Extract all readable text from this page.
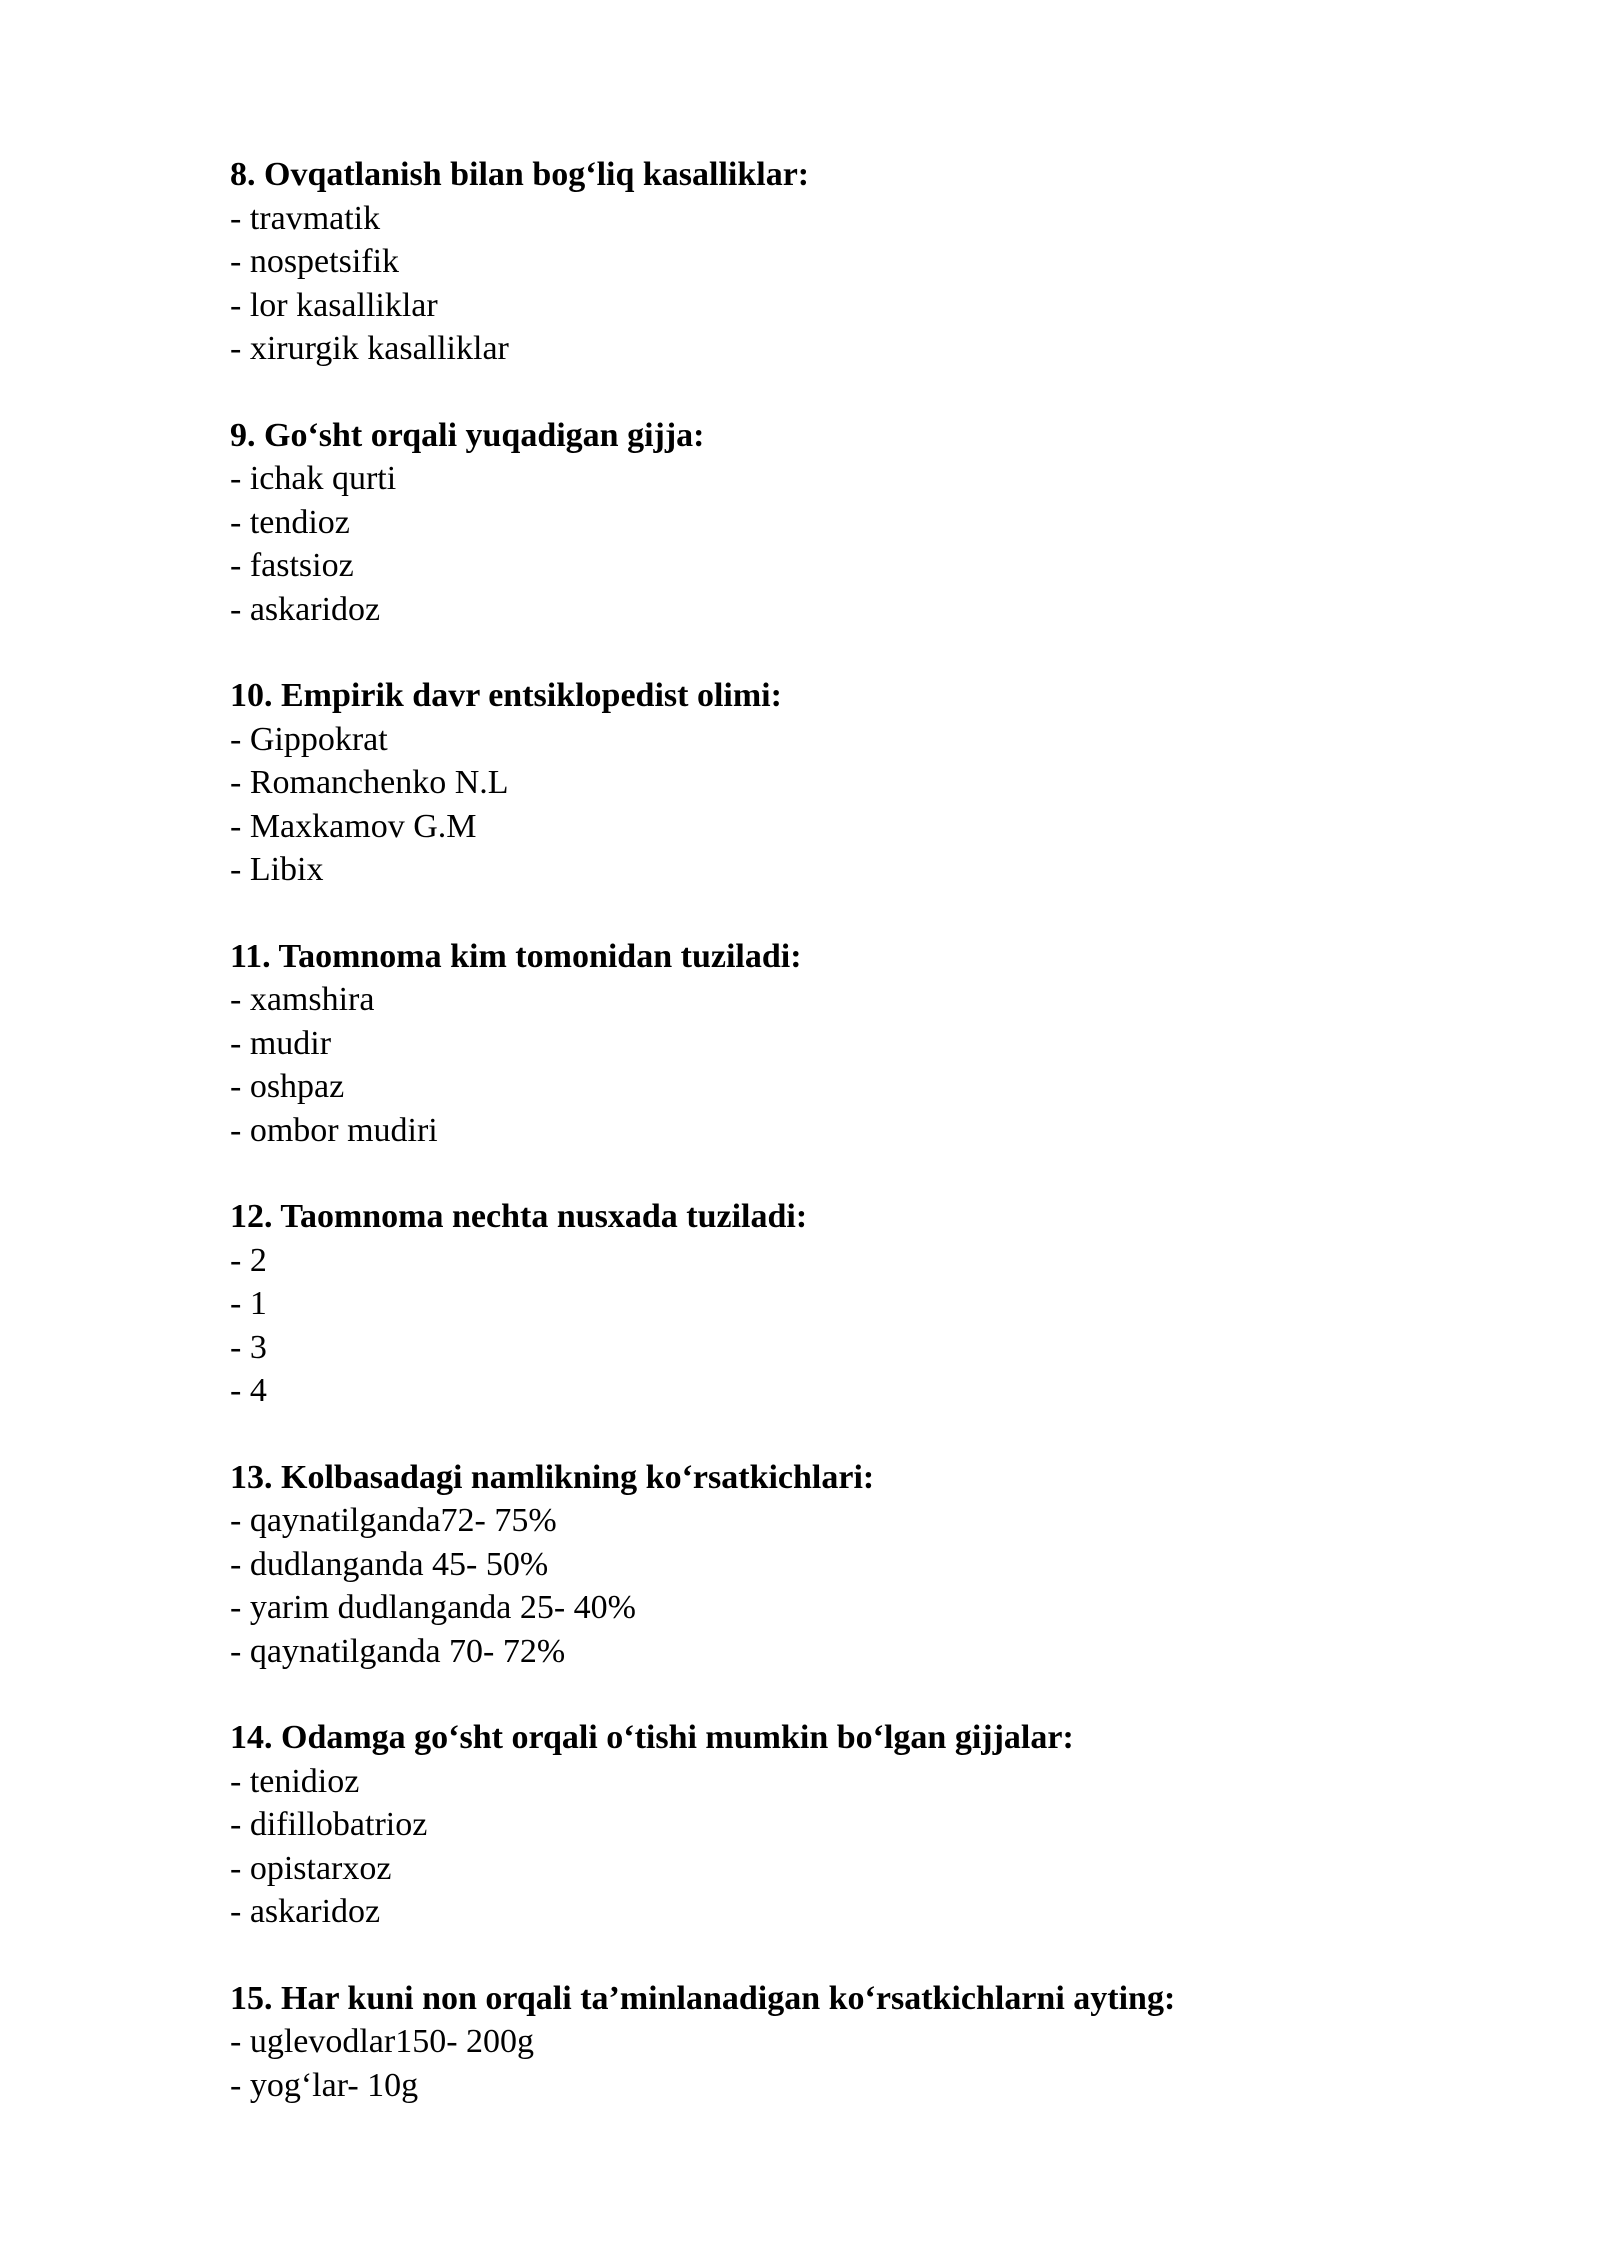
8 . Ovqatlanish bilan bog‘liq kasalliklar:
- travmatik
- nospetsifik
- lor kasalliklar
- xirurgik kasalliklar
9 . Go‘sht orqali yuqadigan gijja:
- ichak qurti
- tendioz
- fastsioz
- askaridoz
10 . Empirik davr entsiklopedist olimi:
- Gippokrat
- Romanchenko N.L
- Maxkamov G.M
- Libix
11 . Taomnoma kim tomonidan tuziladi:
- xamshira
- mudir
- oshpaz
- ombor mudiri
12 . Taomnoma nechta nusxada tuziladi:
- 2
- 1
- 3
- 4
13 . Kolbasadagi namlikning ko‘rsatkichlari:
- qaynatilganda72- 75%
- dudlanganda 45- 50%
- yarim dudlanganda 25- 40%
- qaynatilganda 70- 72%
14 . Odamga go‘sht orqali o‘tishi mumkin bo‘lgan gijjalar:
- tenidioz
- difillobatrioz
- opistarxoz
- askaridoz
15 . Har kuni non orqali ta’minlanadigan ko‘rsatkichlarni ayting:
- uglevodlar150- 200g
- yog‘lar- 10g
